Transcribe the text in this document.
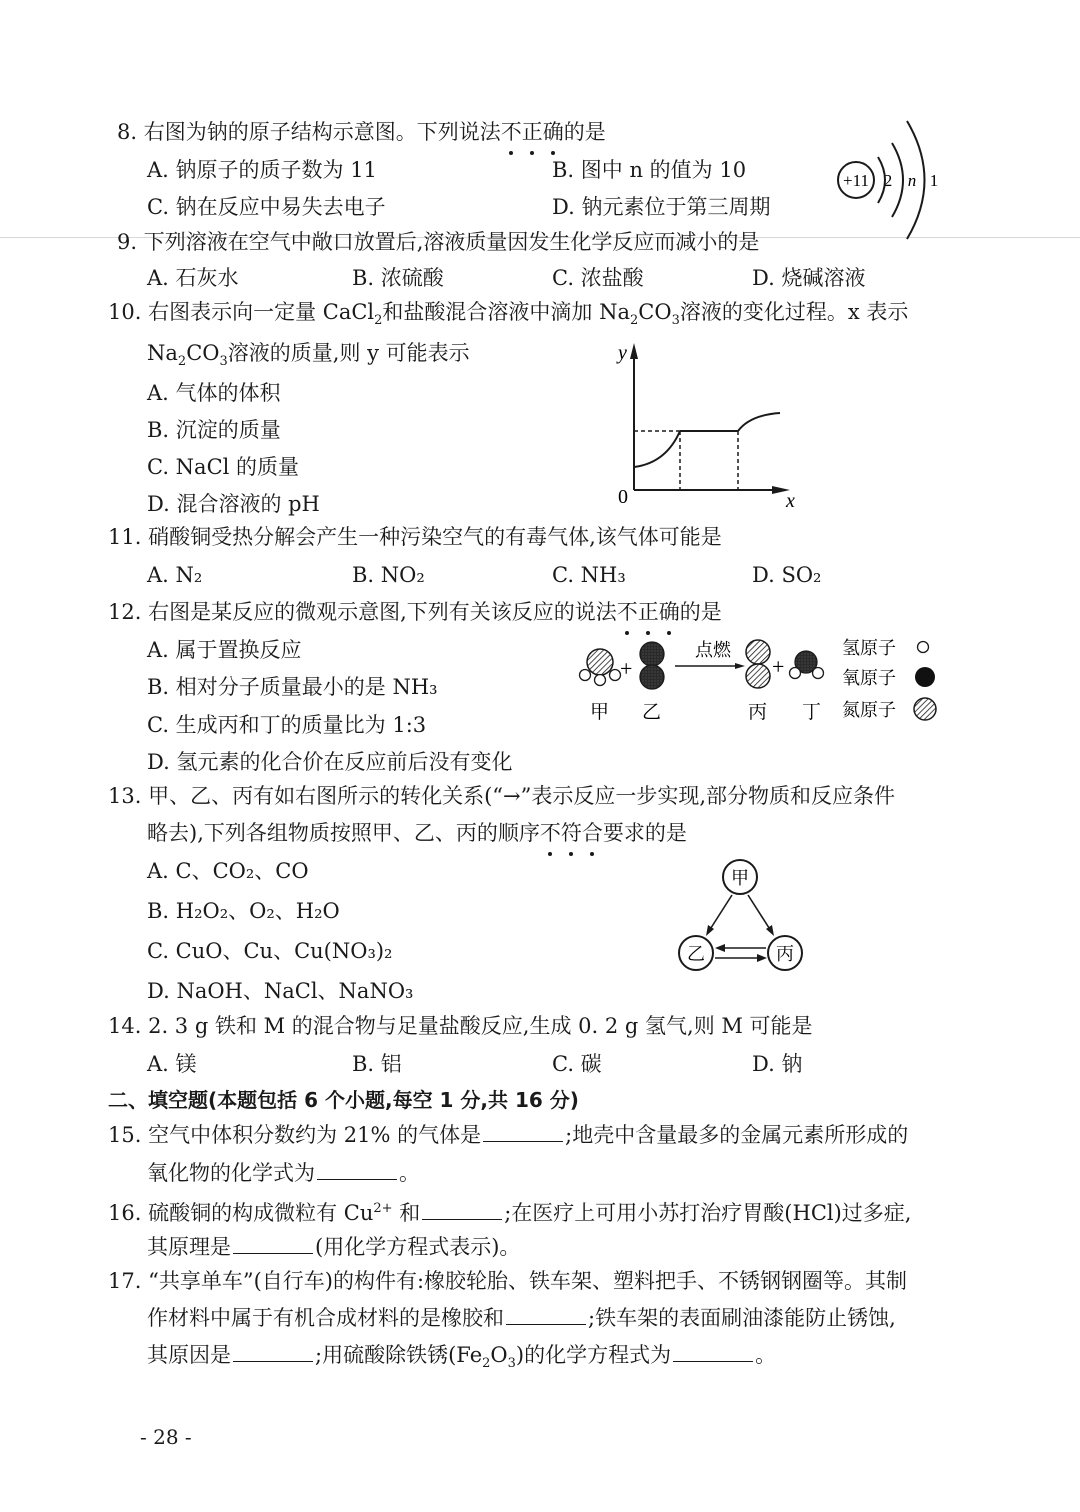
8. 右图为钠的原子结构示意图。下列说法不正确的是
A. 钠原子的质子数为 11	B. 图中 n 的值为 10
C. 钠在反应中易失去电子	D. 钠元素位于第三周期
+11 2 n 1
9. 下列溶液在空气中敞口放置后,溶液质量因发生化学反应而减小的是
A. 石灰水	B. 浓硫酸	C. 浓盐酸	D. 烧碱溶液
10. 右图表示向一定量 CaCl$_2$和盐酸混合溶液中滴加 $Na_2CO_3$溶液的变化过程。x 表示
$Na_2CO_3$溶液的质量,则 y 可能表示
A. 气体的体积
B. 沉淀的质量
C. NaCl 的质量
D. 混合溶液的 pH
y
0	x
11. 硝酸铜受热分解会产生一种污染空气的有毒气体,该气体可能是
A. N₂	B. NO₂	C. NH₃	D. SO₂
12. 右图是某反应的微观示意图,下列有关该反应的说法不正确的是
A. 属于置换反应
B. 相对分子质量最小的是 NH₃
C. 生成丙和丁的质量比为 1:3
D. 氢元素的化合价在反应前后没有变化
+
点燃
+
甲 乙	丙 丁
氢原子
氧原子
氮原子
13. 甲、乙、丙有如右图所示的转化关系(“→”表示反应一步实现,部分物质和反应条件
略去),下列各组物质按照甲、乙、丙的顺序不符合要求的是
A. C、CO₂、CO
B. H₂O₂、O₂、H₂O
C. CuO、Cu、Cu(NO₃)₂
D. NaOH、NaCl、NaNO₃
甲
乙	丙
14. 2. 3 g 铁和 M 的混合物与足量盐酸反应,生成 0. 2 g 氢气,则 M 可能是
A. 镁	B. 铝	C. 碳	D. 钠
二、填空题(本题包括 6 个小题,每空 1 分,共 16 分)
15. 空气中体积分数约为 21% 的气体是	;地壳中含量最多的金属元素所形成的
氧化物的化学式为	。
16. 硫酸铜的构成微粒有 $Cu^{2+}$ 和	;在医疗上可用小苏打治疗胃酸(HCl)过多症,
其原理是	(用化学方程式表示)。
17. “共享单车”(自行车)的构件有:橡胶轮胎、铁车架、塑料把手、不锈钢钢圈等。其制
作材料中属于有机合成材料的是橡胶和	;铁车架的表面刷油漆能防止锈蚀,
其原因是	;用硫酸除铁锈$(Fe_2O_3)$的化学方程式为	。
- 28 -
